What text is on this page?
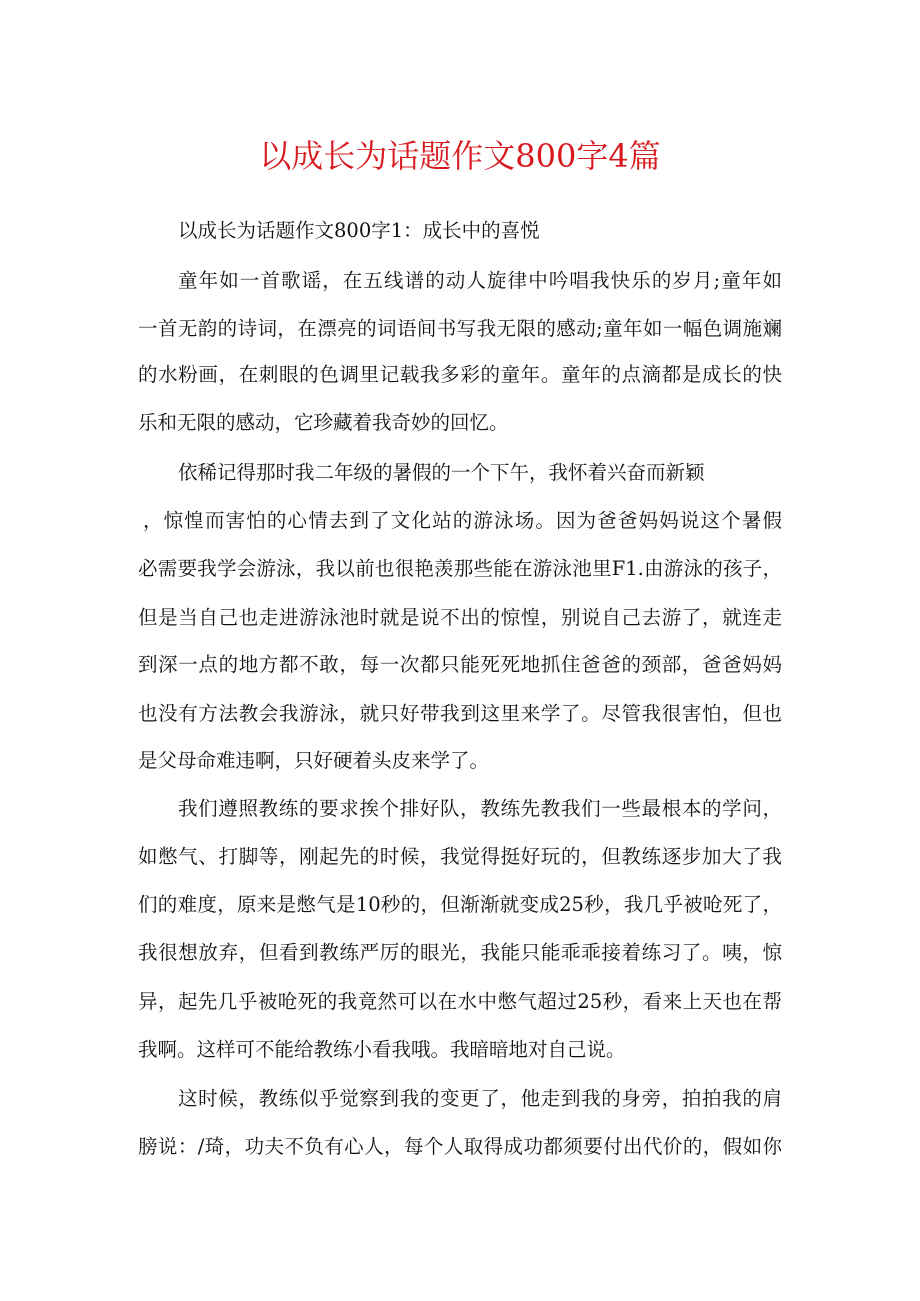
以成长为话题作文800字4篇
以成长为话题作文800字1：成长中的喜悦
童年如一首歌谣，在五线谱的动人旋律中吟唱我快乐的岁月;童年如
一首无韵的诗词，在漂亮的词语间书写我无限的感动;童年如一幅色调施斓
的水粉画，在刺眼的色调里记载我多彩的童年。童年的点滴都是成长的快
乐和无限的感动，它珍藏着我奇妙的回忆。
依稀记得那时我二年级的暑假的一个下午，我怀着兴奋而新颖
，惊惶而害怕的心情去到了文化站的游泳场。因为爸爸妈妈说这个暑假
必需要我学会游泳，我以前也很艳羡那些能在游泳池里F1.由游泳的孩子，
但是当自己也走进游泳池时就是说不出的惊惶，别说自己去游了，就连走
到深一点的地方都不敢，每一次都只能死死地抓住爸爸的颈部，爸爸妈妈
也没有方法教会我游泳，就只好带我到这里来学了。尽管我很害怕，但也
是父母命难违啊，只好硬着头皮来学了。
我们遵照教练的要求挨个排好队，教练先教我们一些最根本的学问，
如憋气、打脚等，刚起先的时候，我觉得挺好玩的，但教练逐步加大了我
们的难度，原来是憋气是10秒的，但渐渐就变成25秒，我几乎被呛死了，
我很想放弃，但看到教练严厉的眼光，我能只能乖乖接着练习了。咦，惊
异，起先几乎被呛死的我竟然可以在水中憋气超过25秒，看来上天也在帮
我啊。这样可不能给教练小看我哦。我暗暗地对自己说。
这时候，教练似乎觉察到我的变更了，他走到我的身旁，拍拍我的肩
膀说：/琦，功夫不负有心人，每个人取得成功都须要付出代价的，假如你
